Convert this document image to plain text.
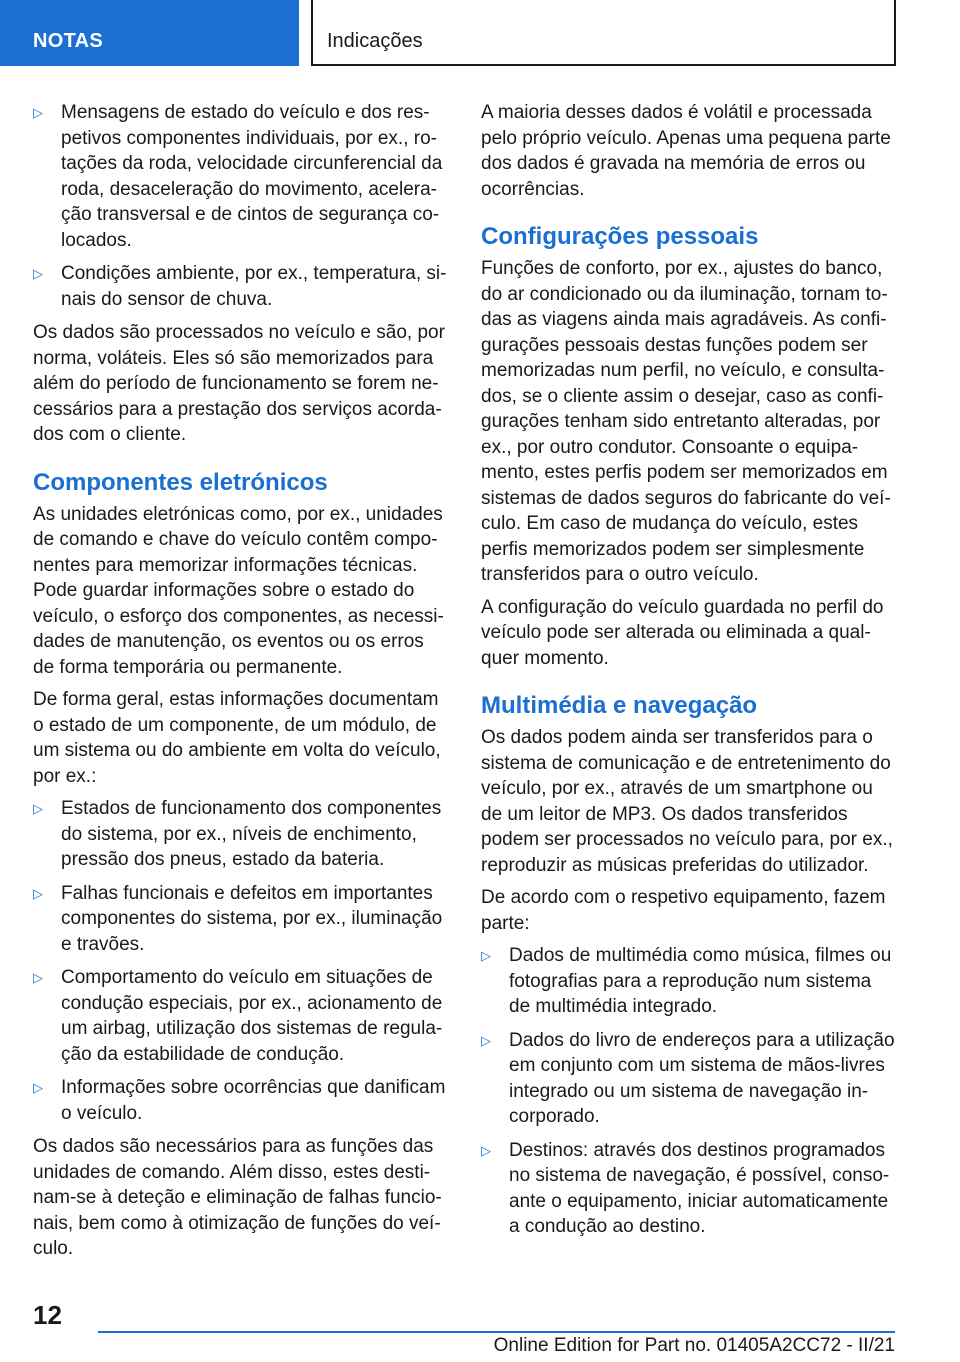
NOTAS	Indicações
▷ Mensagens de estado do veículo e dos respetivos componentes individuais, por ex., rotações da roda, velocidade circunferencial da roda, desaceleração do movimento, aceleração transversal e de cintos de segurança colocados.
▷ Condições ambiente, por ex., temperatura, sinais do sensor de chuva.

Os dados são processados no veículo e são, por norma, voláteis. Eles só são memorizados para além do período de funcionamento se forem necessários para a prestação dos serviços acordados com o cliente.

Componentes eletrónicos

As unidades eletrónicas como, por ex., unidades de comando e chave do veículo contêm componentes para memorizar informações técnicas. Pode guardar informações sobre o estado do veículo, o esforço dos componentes, as necessidades de manutenção, os eventos ou os erros de forma temporária ou permanente.

De forma geral, estas informações documentam o estado de um componente, de um módulo, de um sistema ou do ambiente em volta do veículo, por ex.:

▷ Estados de funcionamento dos componentes do sistema, por ex., níveis de enchimento, pressão dos pneus, estado da bateria.
▷ Falhas funcionais e defeitos em importantes componentes do sistema, por ex., iluminação e travões.
▷ Comportamento do veículo em situações de condução especiais, por ex., acionamento de um airbag, utilização dos sistemas de regulação da estabilidade de condução.
▷ Informações sobre ocorrências que danificam o veículo.

Os dados são necessários para as funções das unidades de comando. Além disso, estes destinam-se à deteção e eliminação de falhas funcionais, bem como à otimização de funções do veículo.

A maioria desses dados é volátil e processada pelo próprio veículo. Apenas uma pequena parte dos dados é gravada na memória de erros ou ocorrências.

Configurações pessoais

Funções de conforto, por ex., ajustes do banco, do ar condicionado ou da iluminação, tornam todas as viagens ainda mais agradáveis. As configurações pessoais destas funções podem ser memorizadas num perfil, no veículo, e consultados, se o cliente assim o desejar, caso as configurações tenham sido entretanto alteradas, por ex., por outro condutor. Consoante o equipamento, estes perfis podem ser memorizados em sistemas de dados seguros do fabricante do veículo. Em caso de mudança do veículo, estes perfis memorizados podem ser simplesmente transferidos para o outro veículo.

A configuração do veículo guardada no perfil do veículo pode ser alterada ou eliminada a qualquer momento.

Multimédia e navegação

Os dados podem ainda ser transferidos para o sistema de comunicação e de entretenimento do veículo, por ex., através de um smartphone ou de um leitor de MP3. Os dados transferidos podem ser processados no veículo para, por ex., reproduzir as músicas preferidas do utilizador.

De acordo com o respetivo equipamento, fazem parte:

▷ Dados de multimédia como música, filmes ou fotografias para a reprodução num sistema de multimédia integrado.
▷ Dados do livro de endereços para a utilização em conjunto com um sistema de mãos-livres integrado ou um sistema de navegação incorporado.
▷ Destinos: através dos destinos programados no sistema de navegação, é possível, consoante o equipamento, iniciar automaticamente a condução ao destino.
12
Online Edition for Part no. 01405A2CC72 - II/21
